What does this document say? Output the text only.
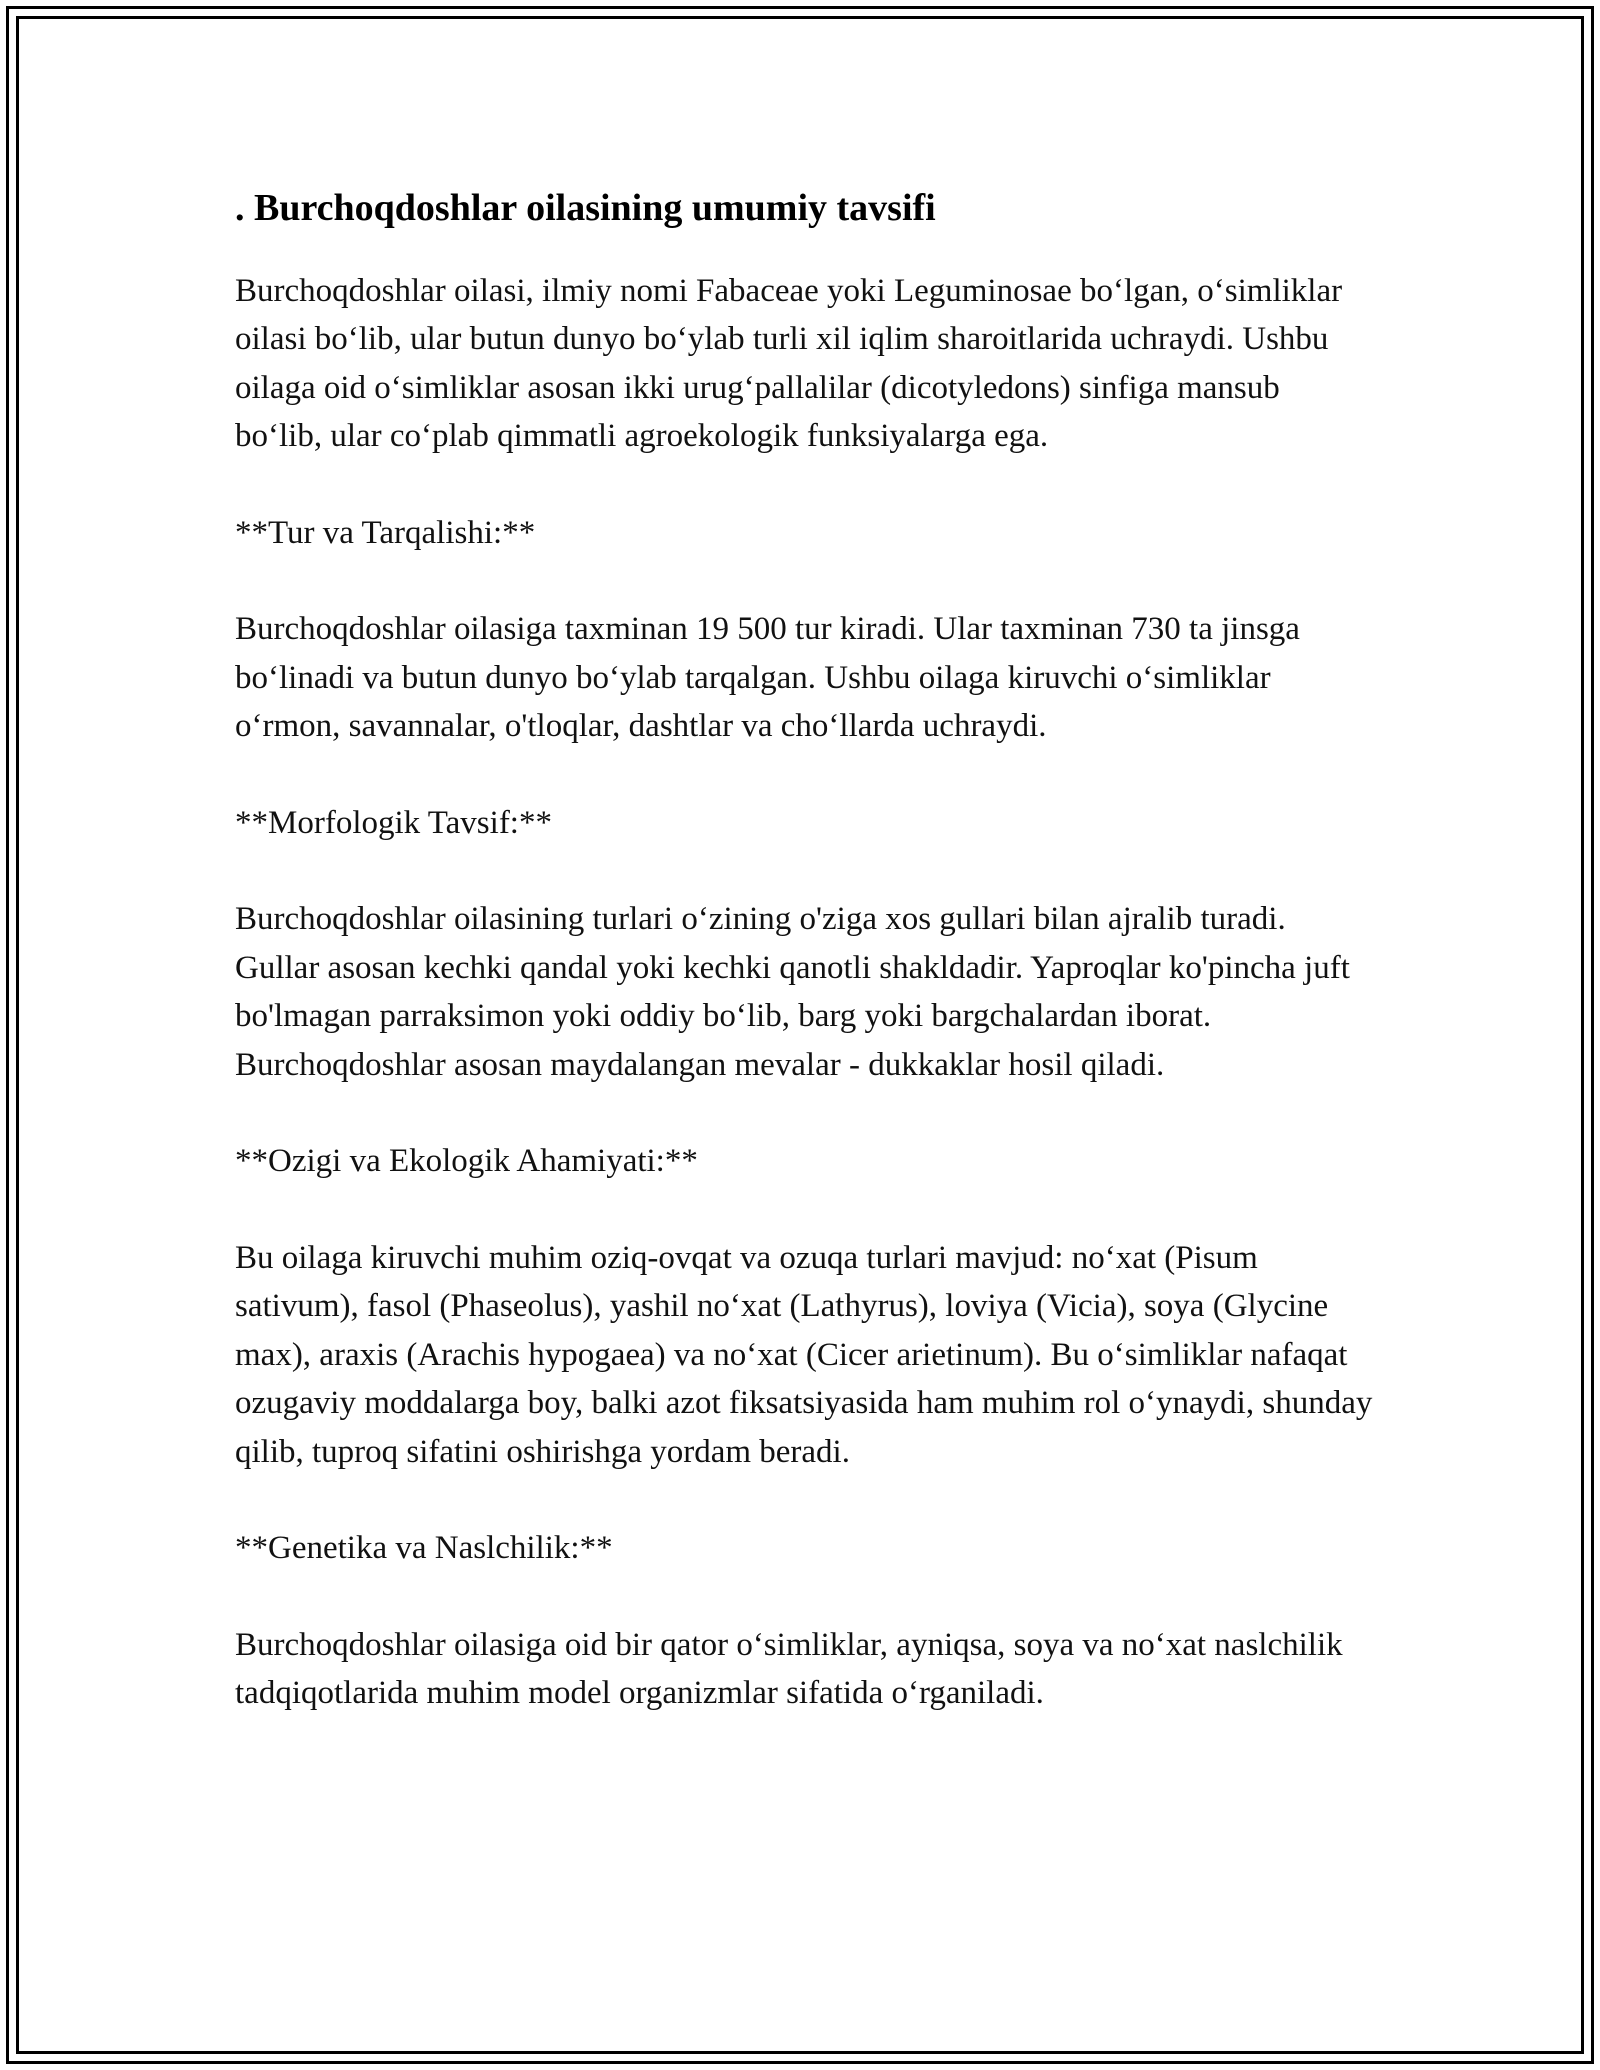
. Burchoqdoshlar oilasining umumiy tavsifi

Burchoqdoshlar oilasi, ilmiy nomi Fabaceae yoki Leguminosae bo‘lgan, o‘simliklar oilasi bo‘lib, ular butun dunyo bo‘ylab turli xil iqlim sharoitlarida uchraydi. Ushbu oilaga oid o‘simliklar asosan ikki urug‘pallalilar (dicotyledons) sinfiga mansub bo‘lib, ular co‘plab qimmatli agroekologik funksiyalarga ega.

**Tur va Tarqalishi:**

Burchoqdoshlar oilasiga taxminan 19 500 tur kiradi. Ular taxminan 730 ta jinsga bo‘linadi va butun dunyo bo‘ylab tarqalgan. Ushbu oilaga kiruvchi o‘simliklar o‘rmon, savannalar, o'tloqlar, dashtlar va cho‘llarda uchraydi.

**Morfologik Tavsif:**

Burchoqdoshlar oilasining turlari o‘zining o'ziga xos gullari bilan ajralib turadi. Gullar asosan kechki qandal yoki kechki qanotli shakldadir. Yaproqlar ko'pincha juft bo'lmagan parraksimon yoki oddiy bo‘lib, barg yoki bargchalardan iborat. Burchoqdoshlar asosan maydalangan mevalar - dukkaklar hosil qiladi.

**Ozigi va Ekologik Ahamiyati:**

Bu oilaga kiruvchi muhim oziq-ovqat va ozuqa turlari mavjud: no‘xat (Pisum sativum), fasol (Phaseolus), yashil no‘xat (Lathyrus), loviya (Vicia), soya (Glycine max), araxis (Arachis hypogaea) va no‘xat (Cicer arietinum). Bu o‘simliklar nafaqat ozugaviy moddalarga boy, balki azot fiksatsiyasida ham muhim rol o‘ynaydi, shunday qilib, tuproq sifatini oshirishga yordam beradi.

**Genetika va Naslchilik:**

Burchoqdoshlar oilasiga oid bir qator o‘simliklar, ayniqsa, soya va no‘xat naslchilik tadqiqotlarida muhim model organizmlar sifatida o‘rganiladi.
